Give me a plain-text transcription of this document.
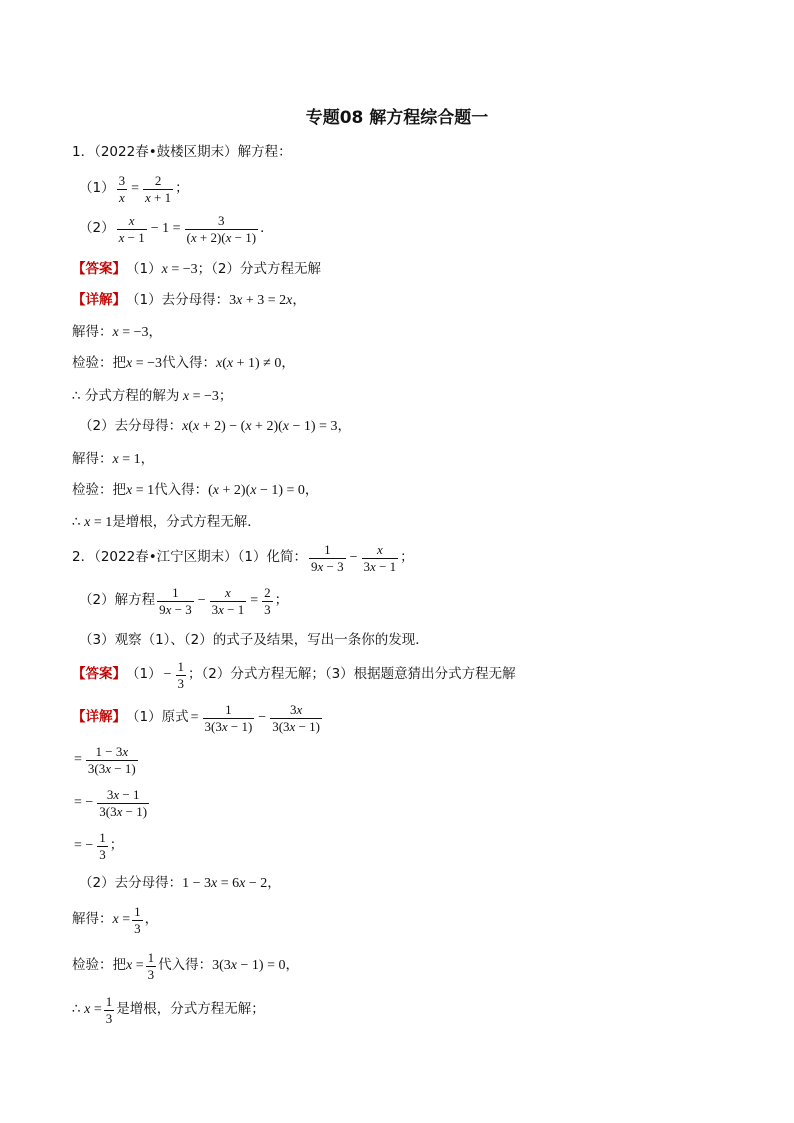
专题08 解方程综合题一
1．（2022春•鼓楼区期末）解方程：
$(1) \frac{3}{x} = \frac{2}{x + 1}$ ；
$(2) \frac{x}{x - 1} - 1 = \frac{3}{(x + 2)(x - 1)}$ ．
【答案】 （1） x = −3 ；（2）分式方程无解
【详解】 （1）去分母得： 3x + 3 = 2x ，
解得： x = −3 ，
检验：把 x = −3 代入得： x(x + 1) ≠ 0 ，
∴ 分式方程的解为 x = −3 ；
（2）去分母得： x(x + 2) − (x + 2)(x − 1) = 3 ，
解得： x = 1 ，
检验：把 x = 1 代入得： (x + 2)(x − 1) = 0 ，
∴ x = 1 是增根，分式方程无解．
2．（2022春•江宁区期末）（1）化简： $\frac{1}{9x - 3} - \frac{x}{3x - 1}$ ；
（2）解方程 $\frac{1}{9x - 3} - \frac{x}{3x - 1} = \frac{2}{3}$ ；
（3）观察（1）、（2）的式子及结果，写出一条你的发现．
【答案】 $(1) - \frac{1}{3}$ ；（2）分式方程无解；（3）根据题意猜出分式方程无解
【详解】 （1）原式 = $\frac{1}{3(3x - 1)} - \frac{3x}{3(3x - 1)}$
= $\frac{1 - 3x}{3(3x - 1)}$
= − $\frac{3x - 1}{3(3x - 1)}$
= − $\frac{1}{3}$ ；
（2）去分母得： 1 − 3x = 6x − 2 ，
解得： $x = \frac{1}{3}$ ，
检验：把 $x = \frac{1}{3}$ 代入得： 3(3x − 1) = 0 ，
∴ $x = \frac{1}{3}$ 是增根，分式方程无解；
